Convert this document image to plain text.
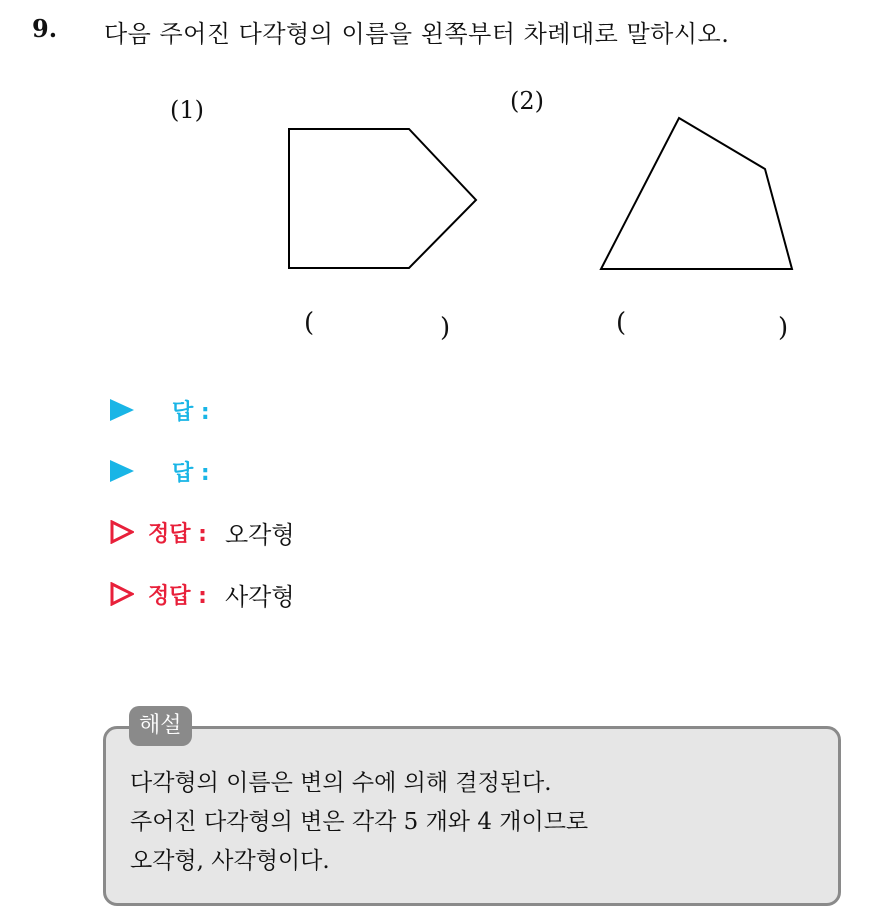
9. 다음 주어진 다각형의 이름을 왼쪽부터 차례대로 말하시오.
(1)
(	)
(2)
(	)
답 :
답 :
정답 : 오각형
정답 : 사각형
해설
다각형의 이름은 변의 수에 의해 결정된다.
주어진 다각형의 변은 각각 5 개와 4 개이므로
오각형, 사각형이다.
